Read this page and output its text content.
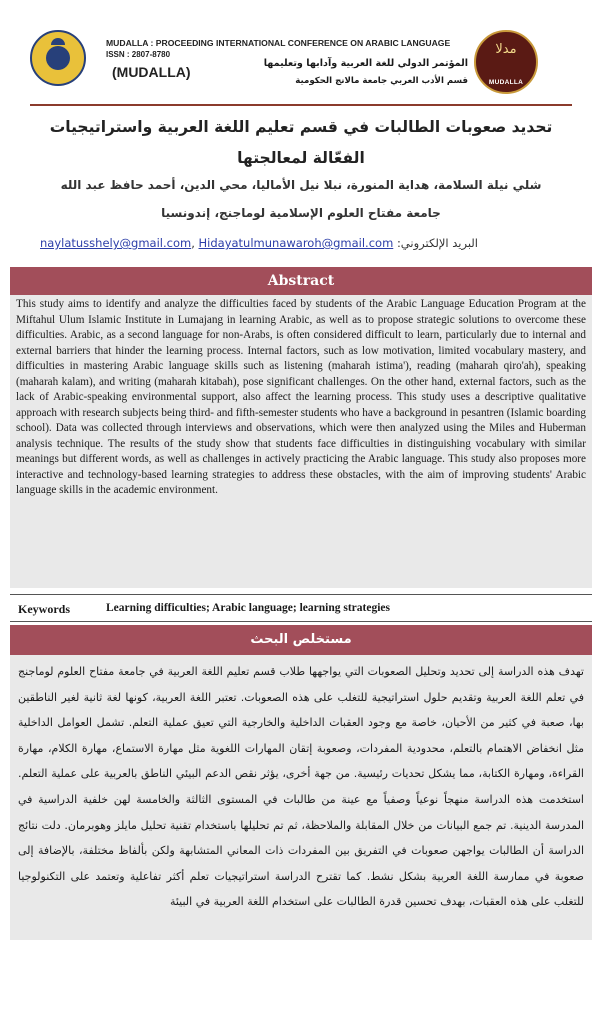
MUDALLA : PROCEEDING INTERNATIONAL CONFERENCE ON ARABIC LANGUAGE
ISSN : 2807-8780
(MUDALLA)
المؤتمر الدولي للغة العربية وآدابها وتعليمها
قسم الأدب العربي جامعة مالانج الحكومية
مدلا
MUDALLA
تحديد صعوبات الطالبات في قسم تعليم اللغة العربية واستراتيجيات الفعّالة لمعالجتها
شلي نيلة السلامة، هداية المنورة، نبلا نيل الأماليا، محي الدين، أحمد حافظ عبد الله
جامعة مفتاح العلوم الإسلامية لوماجنج، إندونسيا
البريد الإلكتروني: naylatusshely@gmail.com, Hidayatulmunawaroh@gmail.com
Abstract

This study aims to identify and analyze the difficulties faced by students of the Arabic Language Education Program at the Miftahul Ulum Islamic Institute in Lumajang in learning Arabic, as well as to propose strategic solutions to overcome these difficulties. Arabic, as a second language for non-Arabs, is often considered difficult to learn, particularly due to internal and external barriers that hinder the learning process. Internal factors, such as low motivation, limited vocabulary mastery, and difficulties in mastering Arabic language skills such as listening (maharah istima'), reading (maharah qiro'ah), speaking (maharah kalam), and writing (maharah kitabah), pose significant challenges. On the other hand, external factors, such as the lack of Arabic-speaking environmental support, also affect the learning process. This study uses a descriptive qualitative approach with research subjects being third- and fifth-semester students who have a background in pesantren (Islamic boarding school). Data was collected through interviews and observations, which were then analyzed using the Miles and Huberman analysis technique. The results of the study show that students face difficulties in distinguishing vocabulary with similar meanings but different words, as well as challenges in actively practicing the Arabic language. This study also proposes more interactive and technology-based learning strategies to address these obstacles, with the aim of improving students' Arabic language skills in the academic environment.

Keywords	Learning difficulties; Arabic language; learning strategies
مستخلص البحث

تهدف هذه الدراسة إلى تحديد وتحليل الصعوبات التي يواجهها طلاب قسم تعليم اللغة العربية في جامعة مفتاح العلوم لوماجنج في تعلم اللغة العربية وتقديم حلول استراتيجية للتغلب على هذه الصعوبات. تعتبر اللغة العربية، كونها لغة ثانية لغير الناطقين بها، صعبة في كثير من الأحيان، خاصة مع وجود العقبات الداخلية والخارجية التي تعيق عملية التعلم. تشمل العوامل الداخلية مثل انخفاض الاهتمام بالتعلم، محدودية المفردات، وصعوبة إتقان المهارات اللغوية مثل مهارة الاستماع، مهارة الكلام، مهارة القراءة، ومهارة الكتابة، مما يشكل تحديات رئيسية. من جهة أخرى، يؤثر نقص الدعم البيئي الناطق بالعربية على عملية التعلم. استخدمت هذه الدراسة منهجاً نوعياً وصفياً مع عينة من طالبات في المستوى الثالثة والخامسة لهن خلفية الدراسية في المدرسة الدينية. تم جمع البيانات من خلال المقابلة والملاحظة، ثم تم تحليلها باستخدام تقنية تحليل مايلز وهوبرمان. دلت نتائج الدراسة أن الطالبات يواجهن صعوبات في التفريق بين المفردات ذات المعاني المتشابهة ولكن بألفاظ مختلفة، بالإضافة إلى صعوبة في ممارسة اللغة العربية بشكل نشط. كما تقترح الدراسة استراتيجيات تعلم أكثر تفاعلية وتعتمد على التكنولوجيا للتغلب على هذه العقبات، بهدف تحسين قدرة الطالبات على استخدام اللغة العربية في البيئة
